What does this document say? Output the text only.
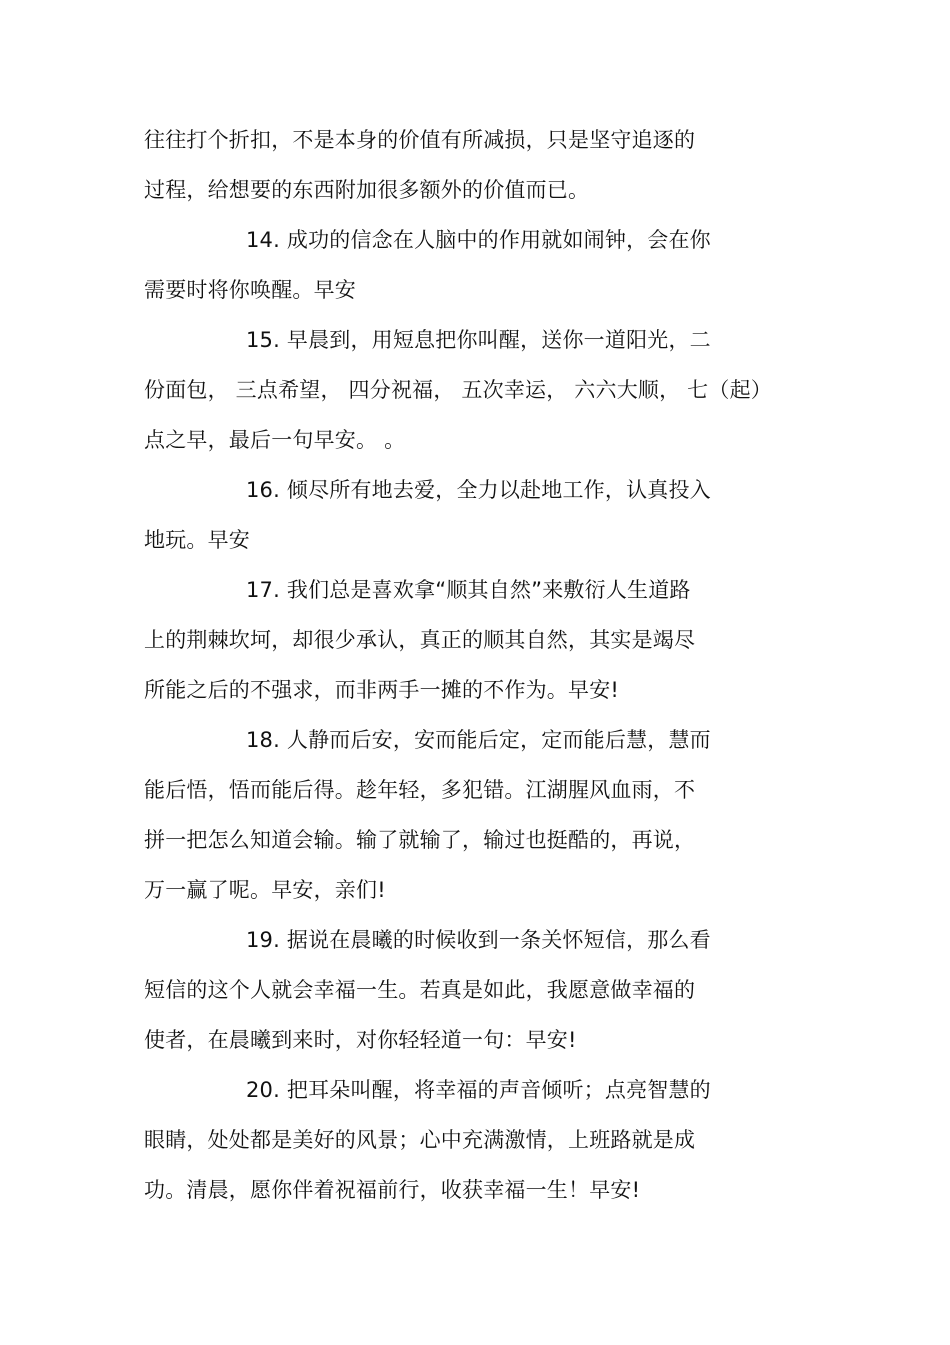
往往打个折扣，不是本身的价值有所减损，只是坚守追逐的
过程，给想要的东西附加很多额外的价值而已。
14. 成功的信念在人脑中的作用就如闹钟，会在你
需要时将你唤醒。早安
15. 早晨到，用短息把你叫醒，送你一道阳光，二
份面包， 三点希望， 四分祝福， 五次幸运， 六六大顺， 七（起）
点之早，最后一句早安。 。
16. 倾尽所有地去爱，全力以赴地工作，认真投入
地玩。早安
17. 我们总是喜欢拿“顺其自然”来敷衍人生道路
上的荆棘坎坷，却很少承认，真正的顺其自然，其实是竭尽
所能之后的不强求，而非两手一摊的不作为。早安!
18. 人静而后安，安而能后定，定而能后慧，慧而
能后悟，悟而能后得。趁年轻，多犯错。江湖腥风血雨，不
拼一把怎么知道会输。输了就输了，输过也挺酷的，再说，
万一赢了呢。早安，亲们!
19. 据说在晨曦的时候收到一条关怀短信，那么看
短信的这个人就会幸福一生。若真是如此，我愿意做幸福的
使者，在晨曦到来时，对你轻轻道一句：早安!
20. 把耳朵叫醒，将幸福的声音倾听；点亮智慧的
眼睛，处处都是美好的风景；心中充满激情，上班路就是成
功。清晨，愿你伴着祝福前行，收获幸福一生！早安!
